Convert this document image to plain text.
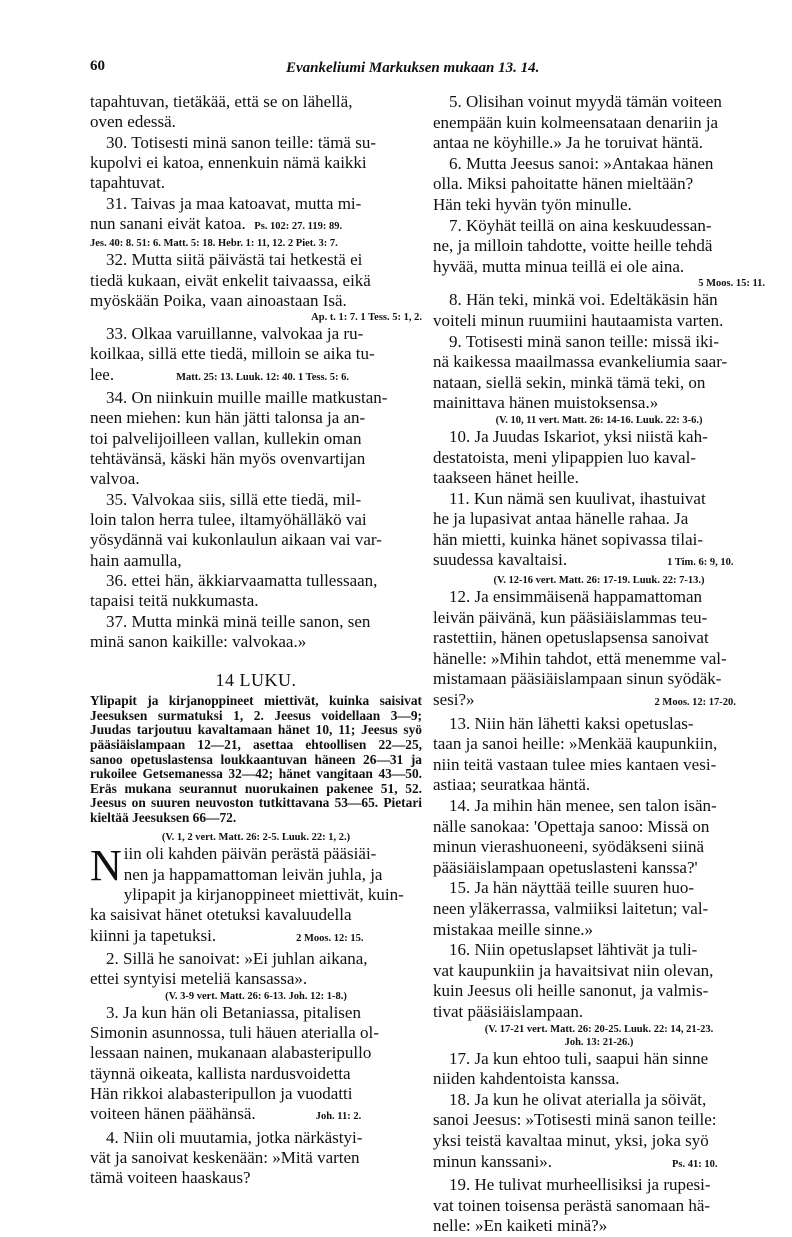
60	Evankeliumi Markuksen mukaan 13. 14.
tapahtuvan, tietäkää, että se on lähellä,
oven edessä.
30. Totisesti minä sanon teille: tämä su-
kupolvi ei katoa, ennenkuin nämä kaikki
tapahtuvat.
31. Taivas ja maa katoavat, mutta mi-
nun sanani eivät katoa. Ps. 102: 27. 119: 89.
Jes. 40: 8. 51: 6. Matt. 5: 18. Hebr. 1: 11, 12. 2 Piet. 3: 7.
32. Mutta siitä päivästä tai hetkestä ei
tiedä kukaan, eivät enkelit taivaassa, eikä
myöskään Poika, vaan ainoastaan Isä.
Ap. t. 1: 7. 1 Tess. 5: 1, 2.
33. Olkaa varuillanne, valvokaa ja ru-
koilkaa, sillä ette tiedä, milloin se aika tu-
lee.	Matt. 25: 13. Luuk. 12: 40. 1 Tess. 5: 6.
34. On niinkuin muille maille matkustan-
neen miehen: kun hän jätti talonsa ja an-
toi palvelijoilleen vallan, kullekin oman
tehtävänsä, käski hän myös ovenvartijan
valvoa.
35. Valvokaa siis, sillä ette tiedä, mil-
loin talon herra tulee, iltamyöhälläkö vai
yösydännä vai kukonlaulun aikaan vai var-
hain aamulla,
36. ettei hän, äkkiarvaamatta tullessaan,
tapaisi teitä nukkumasta.
37. Mutta minkä minä teille sanon, sen
minä sanon kaikille: valvokaa.»
14 LUKU.
Ylipapit ja kirjanoppineet miettivät, kuinka saisivat Jeesuksen surmatuksi 1, 2. Jeesus voidellaan 3—9; Juudas tarjoutuu kavaltamaan hänet 10, 11; Jeesus syö pääsiäislampaan 12—21, asettaa ehtoollisen 22—25, sanoo opetuslastensa loukkaantuvan häneen 26—31 ja rukoilee Getsemanessa 32—42; hänet vangitaan 43—50. Eräs mukana seurannut nuorukainen pakenee 51, 52. Jeesus on suuren neuvoston tutkittavana 53—65. Pietari kieltää Jeesuksen 66—72.
(V. 1, 2 vert. Matt. 26: 2-5. Luuk. 22: 1, 2.)
N iin oli kahden päivän perästä pääsiäi-
nen ja happamattoman leivän juhla, ja
ylipapit ja kirjanoppineet miettivät, kuin-
ka saisivat hänet otetuksi kavaluudella
kiinni ja tapetuksi.	2 Moos. 12: 15.
2. Sillä he sanoivat: »Ei juhlan aikana,
ettei syntyisi meteliä kansassa».
(V. 3-9 vert. Matt. 26: 6-13. Joh. 12: 1-8.)
3. Ja kun hän oli Betaniassa, pitalisen
Simonin asunnossa, tuli häuen aterialla ol-
lessaan nainen, mukanaan alabasteripullo
täynnä oikeata, kallista nardusvoidetta
Hän rikkoi alabasteripullon ja vuodatti
voiteen hänen päähänsä.	Joh. 11: 2.
4. Niin oli muutamia, jotka närkästyi-
vät ja sanoivat keskenään: »Mitä varten
tämä voiteen haaskaus?
5. Olisihan voinut myydä tämän voiteen
enempään kuin kolmeensataan denariin ja
antaa ne köyhille.» Ja he toruivat häntä.
6. Mutta Jeesus sanoi: »Antakaa hänen
olla. Miksi pahoitatte hänen mieltään?
Hän teki hyvän työn minulle.
7. Köyhät teillä on aina keskuudessan-
ne, ja milloin tahdotte, voitte heille tehdä
hyvää, mutta minua teillä ei ole aina.
5 Moos. 15: 11.
8. Hän teki, minkä voi. Edeltäkäsin hän
voiteli minun ruumiini hautaamista varten.
9. Totisesti minä sanon teille: missä iki-
nä kaikessa maailmassa evankeliumia saar-
nataan, siellä sekin, minkä tämä teki, on
mainittava hänen muistoksensa.»
(V. 10, 11 vert. Matt. 26: 14-16. Luuk. 22: 3-6.)
10. Ja Juudas Iskariot, yksi niistä kah-
destatoista, meni ylipappien luo kaval-
taakseen hänet heille.
11. Kun nämä sen kuulivat, ihastuivat
he ja lupasivat antaa hänelle rahaa. Ja
hän mietti, kuinka hänet sopivassa tilai-
suudessa kavaltaisi.	1 Tim. 6: 9, 10.
(V. 12-16 vert. Matt. 26: 17-19. Luuk. 22: 7-13.)
12. Ja ensimmäisenä happamattoman
leivän päivänä, kun pääsiäislammas teu-
rastettiin, hänen opetuslapsensa sanoivat
hänelle: »Mihin tahdot, että menemme val-
mistamaan pääsiäislampaan sinun syödäk-
sesi?»	2 Moos. 12: 17-20.
13. Niin hän lähetti kaksi opetuslas-
taan ja sanoi heille: »Menkää kaupunkiin,
niin teitä vastaan tulee mies kantaen vesi-
astiaa; seuratkaa häntä.
14. Ja mihin hän menee, sen talon isän-
nälle sanokaa: 'Opettaja sanoo: Missä on
minun vierashuoneeni, syödäkseni siinä
pääsiäislampaan opetuslasteni kanssa?'
15. Ja hän näyttää teille suuren huo-
neen yläkerrassa, valmiiksi laitetun; val-
mistakaa meille sinne.»
16. Niin opetuslapset lähtivät ja tuli-
vat kaupunkiin ja havaitsivat niin olevan,
kuin Jeesus oli heille sanonut, ja valmis-
tivat pääsiäislampaan.
(V. 17-21 vert. Matt. 26: 20-25. Luuk. 22: 14, 21-23.
Joh. 13: 21-26.)
17. Ja kun ehtoo tuli, saapui hän sinne
niiden kahdentoista kanssa.
18. Ja kun he olivat aterialla ja söivät,
sanoi Jeesus: »Totisesti minä sanon teille:
yksi teistä kavaltaa minut, yksi, joka syö
minun kanssani».	Ps. 41: 10.
19. He tulivat murheellisiksi ja rupesi-
vat toinen toisensa perästä sanomaan hä-
nelle: »En kaiketi minä?»
